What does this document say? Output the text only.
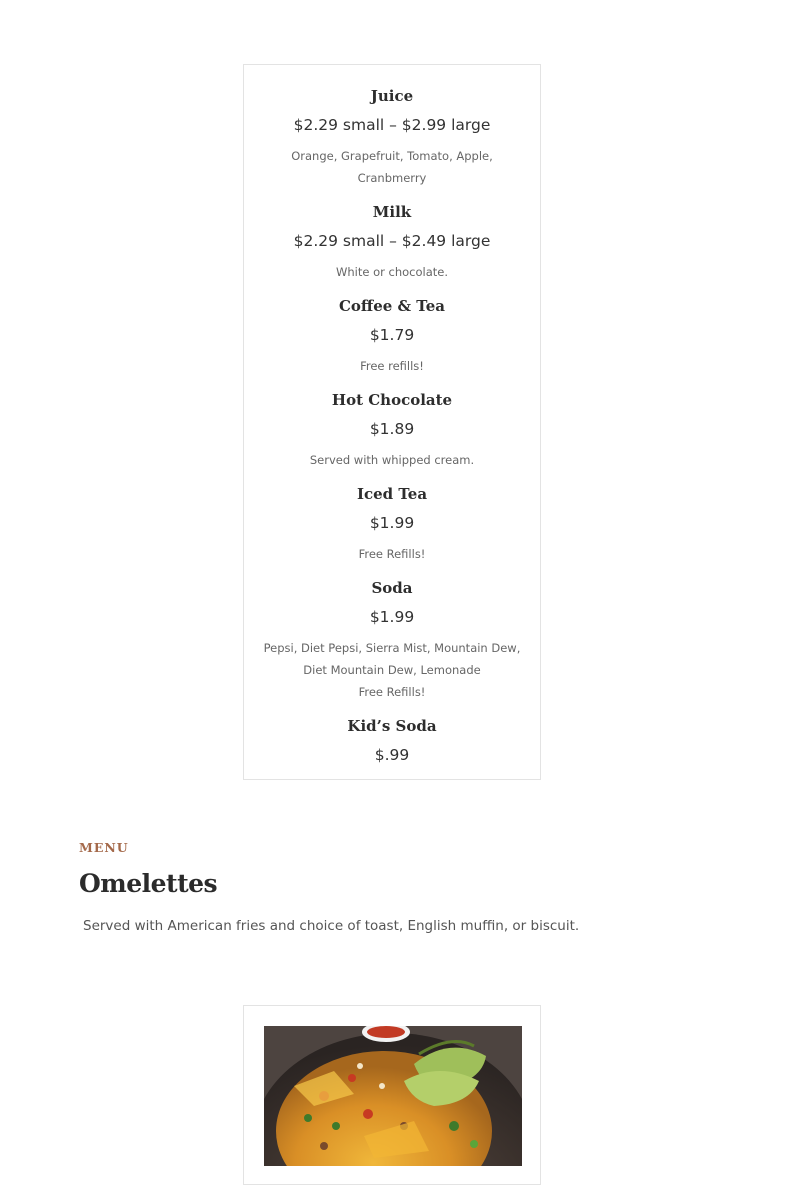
Juice

$2.29 small – $2.99 large

Orange, Grapefruit, Tomato, Apple, Cranbmerry

Milk

$2.29 small – $2.49 large

White or chocolate.

Coffee & Tea

$1.79

Free refills!

Hot Chocolate

$1.89

Served with whipped cream.

Iced Tea

$1.99

Free Refills!

Soda

$1.99

Pepsi, Diet Pepsi, Sierra Mist, Mountain Dew, Diet Mountain Dew, Lemonade

Free Refills!

Kid’s Soda

$.99

MENU

Omelettes

Served with American fries and choice of toast, English muffin, or biscuit.
